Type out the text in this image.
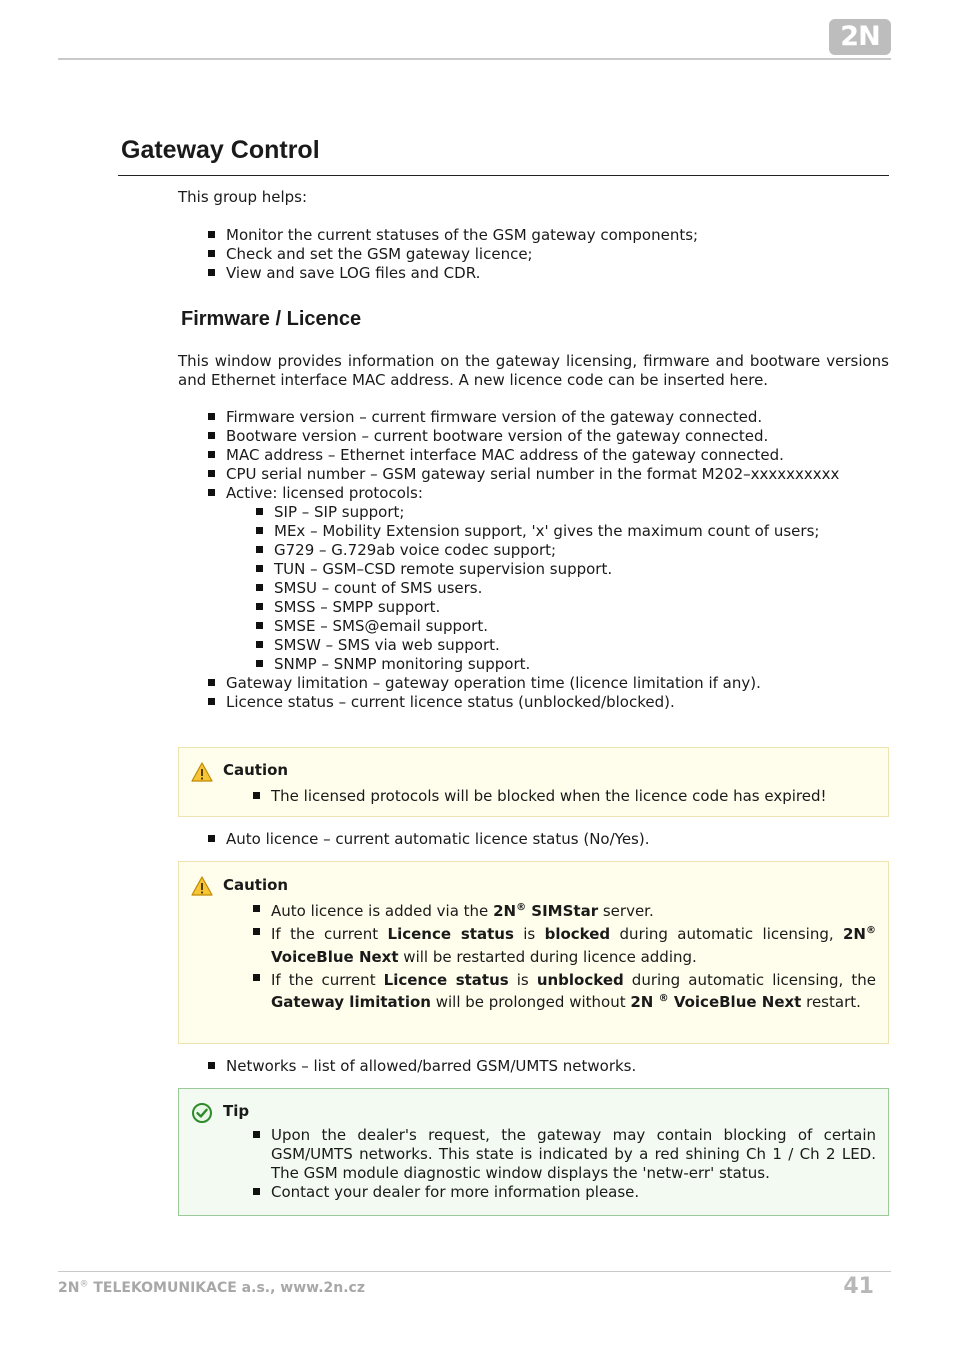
2N
Gateway Control

This group helps:

Monitor the current statuses of the GSM gateway components;
Check and set the GSM gateway licence;
View and save LOG files and CDR.
Firmware / Licence

This window provides information on the gateway licensing, firmware and bootware versions and Ethernet interface MAC address. A new licence code can be inserted here.

Firmware version – current firmware version of the gateway connected.
Bootware version – current bootware version of the gateway connected.
MAC address – Ethernet interface MAC address of the gateway connected.
CPU serial number – GSM gateway serial number in the format M202–xxxxxxxxxx
Active: licensed protocols:
SIP – SIP support;
MEx – Mobility Extension support, 'x' gives the maximum count of users;
G729 – G.729ab voice codec support;
TUN – GSM–CSD remote supervision support.
SMSU – count of SMS users.
SMSS – SMPP support.
SMSE – SMS@email support.
SMSW – SMS via web support.
SNMP – SNMP monitoring support.
Gateway limitation – gateway operation time (licence limitation if any).
Licence status – current licence status (unblocked/blocked).
Caution
The licensed protocols will be blocked when the licence code has expired!
Auto licence – current automatic licence status (No/Yes).
Caution
Auto licence is added via the 2N® SIMStar server.
If the current Licence status is blocked during automatic licensing, 2N® VoiceBlue Next will be restarted during licence adding.
If the current Licence status is unblocked during automatic licensing, the Gateway limitation will be prolonged without 2N ® VoiceBlue Next restart.
Networks – list of allowed/barred GSM/UMTS networks.
Tip
Upon the dealer's request, the gateway may contain blocking of certain GSM/UMTS networks. This state is indicated by a red shining Ch 1 / Ch 2 LED. The GSM module diagnostic window displays the 'netw-err' status.
Contact your dealer for more information please.
2N® TELEKOMUNIKACE a.s., www.2n.cz	41
